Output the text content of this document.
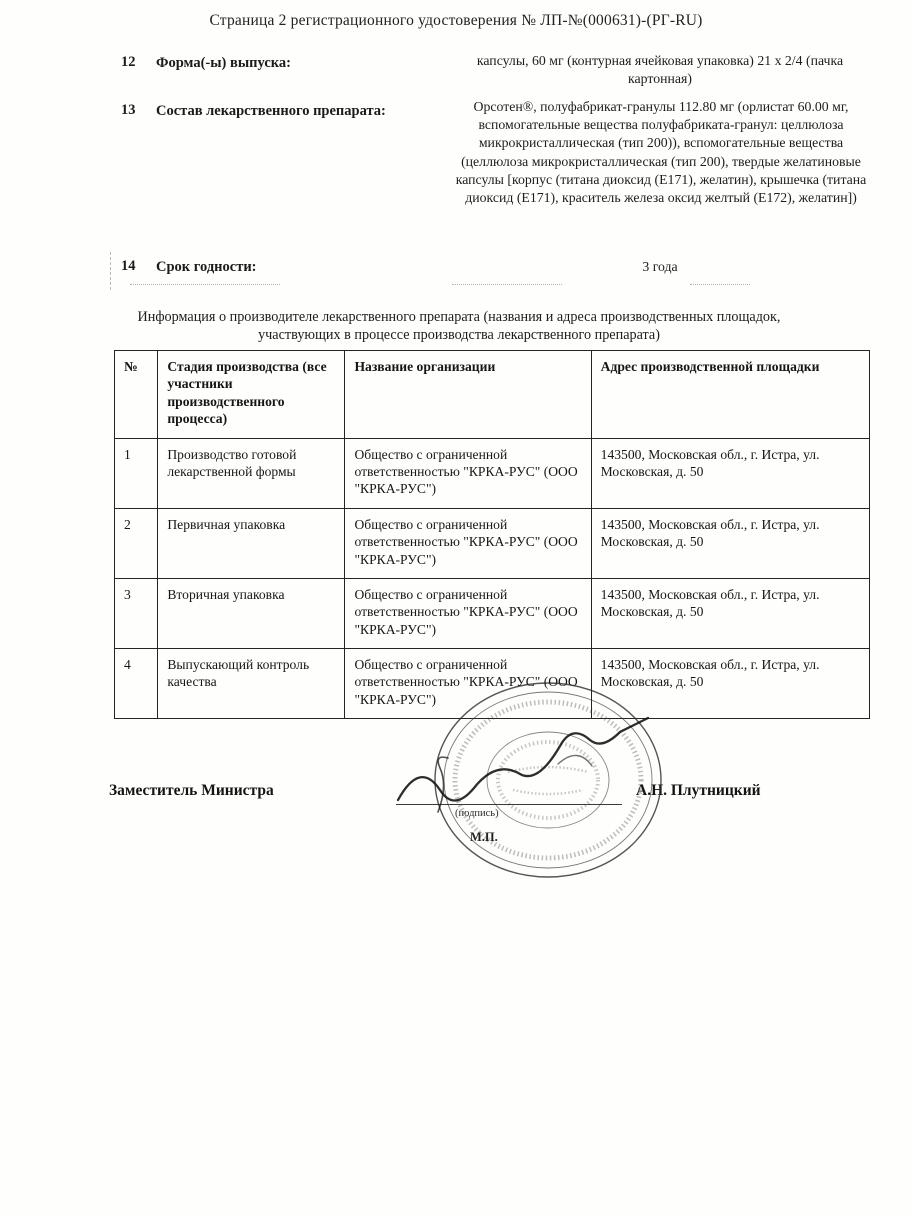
Страница 2 регистрационного удостоверения № ЛП-№(000631)-(РГ-RU)
12 Форма(-ы) выпуска:	капсулы, 60 мг (контурная ячейковая упаковка) 21 х 2/4 (пачка картонная)
13 Состав лекарственного препарата:	Орсотен®, полуфабрикат-гранулы 112.80 мг (орлистат 60.00 мг, вспомогательные вещества полуфабриката-гранул: целлюлоза микрокристаллическая (тип 200)), вспомогательные вещества (целлюлоза микрокристаллическая (тип 200), твердые желатиновые капсулы [корпус (титана диоксид (Е171), желатин), крышечка (титана диоксид (Е171), краситель железа оксид желтый (Е172), желатин])
14 Срок годности:	3 года
Информация о производителе лекарственного препарата (названия и адреса производственных площадок, участвующих в процессе производства лекарственного препарата)
№	Стадия производства (все участники производственного процесса)	Название организации	Адрес производственной площадки
1	Производство готовой лекарственной формы	Общество с ограниченной ответственностью "КРКА-РУС" (ООО "КРКА-РУС")	143500, Московская обл., г. Истра, ул. Московская, д. 50
2	Первичная упаковка	Общество с ограниченной ответственностью "КРКА-РУС" (ООО "КРКА-РУС")	143500, Московская обл., г. Истра, ул. Московская, д. 50
3	Вторичная упаковка	Общество с ограниченной ответственностью "КРКА-РУС" (ООО "КРКА-РУС")	143500, Московская обл., г. Истра, ул. Московская, д. 50
4	Выпускающий контроль качества	Общество с ограниченной ответственностью "КРКА-РУС" (ООО "КРКА-РУС")	143500, Московская обл., г. Истра, ул. Московская, д. 50
Заместитель Министра	А.Н. Плутницкий
(подпись)
М.П.
